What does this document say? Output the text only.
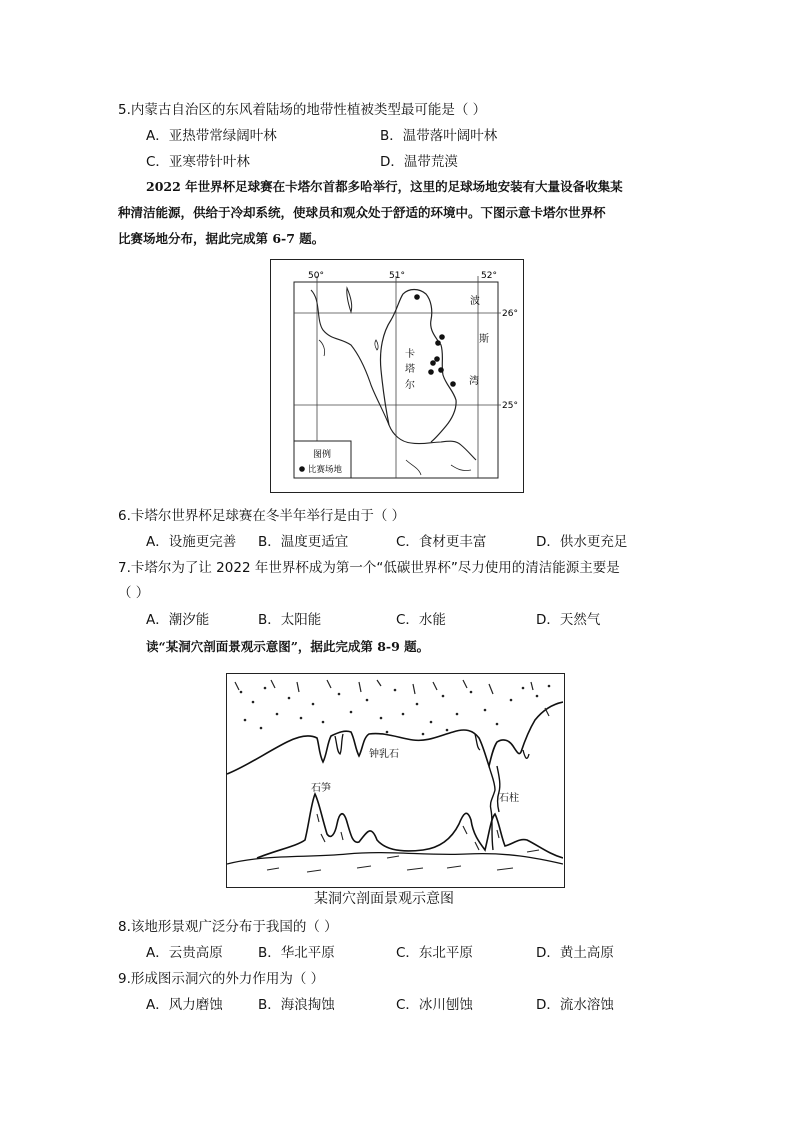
5.内蒙古自治区的东风着陆场的地带性植被类型最可能是（ ）
A．亚热带常绿阔叶林	B．温带落叶阔叶林
C．亚寒带针叶林	D．温带荒漠
2022 年世界杯足球赛在卡塔尔首都多哈举行，这里的足球场地安装有大量设备收集某
种清洁能源，供给于冷却系统，使球员和观众处于舒适的环境中。下图示意卡塔尔世界杯
比赛场地分布，据此完成第 6-7 题。
50°	51°	52°
26°
25°
波
斯
湾
卡
塔
尔
图例
比赛场地
6.卡塔尔世界杯足球赛在冬半年举行是由于（ ）
A．设施更完善 B．温度更适宜	C．食材更丰富	D．供水更充足
7.卡塔尔为了让 2022 年世界杯成为第一个“低碳世界杯”尽力使用的清洁能源主要是
（ ）
A．潮汐能	B．太阳能	C．水能	D．天然气
读“某洞穴剖面景观示意图”，据此完成第 8-9 题。
钟乳石
石笋
石柱
某洞穴剖面景观示意图
8.该地形景观广泛分布于我国的（ ）
A．云贵高原	B．华北平原	C．东北平原	D．黄土高原
9.形成图示洞穴的外力作用为（ ）
A．风力磨蚀	B．海浪掏蚀	C．冰川刨蚀	D．流水溶蚀
